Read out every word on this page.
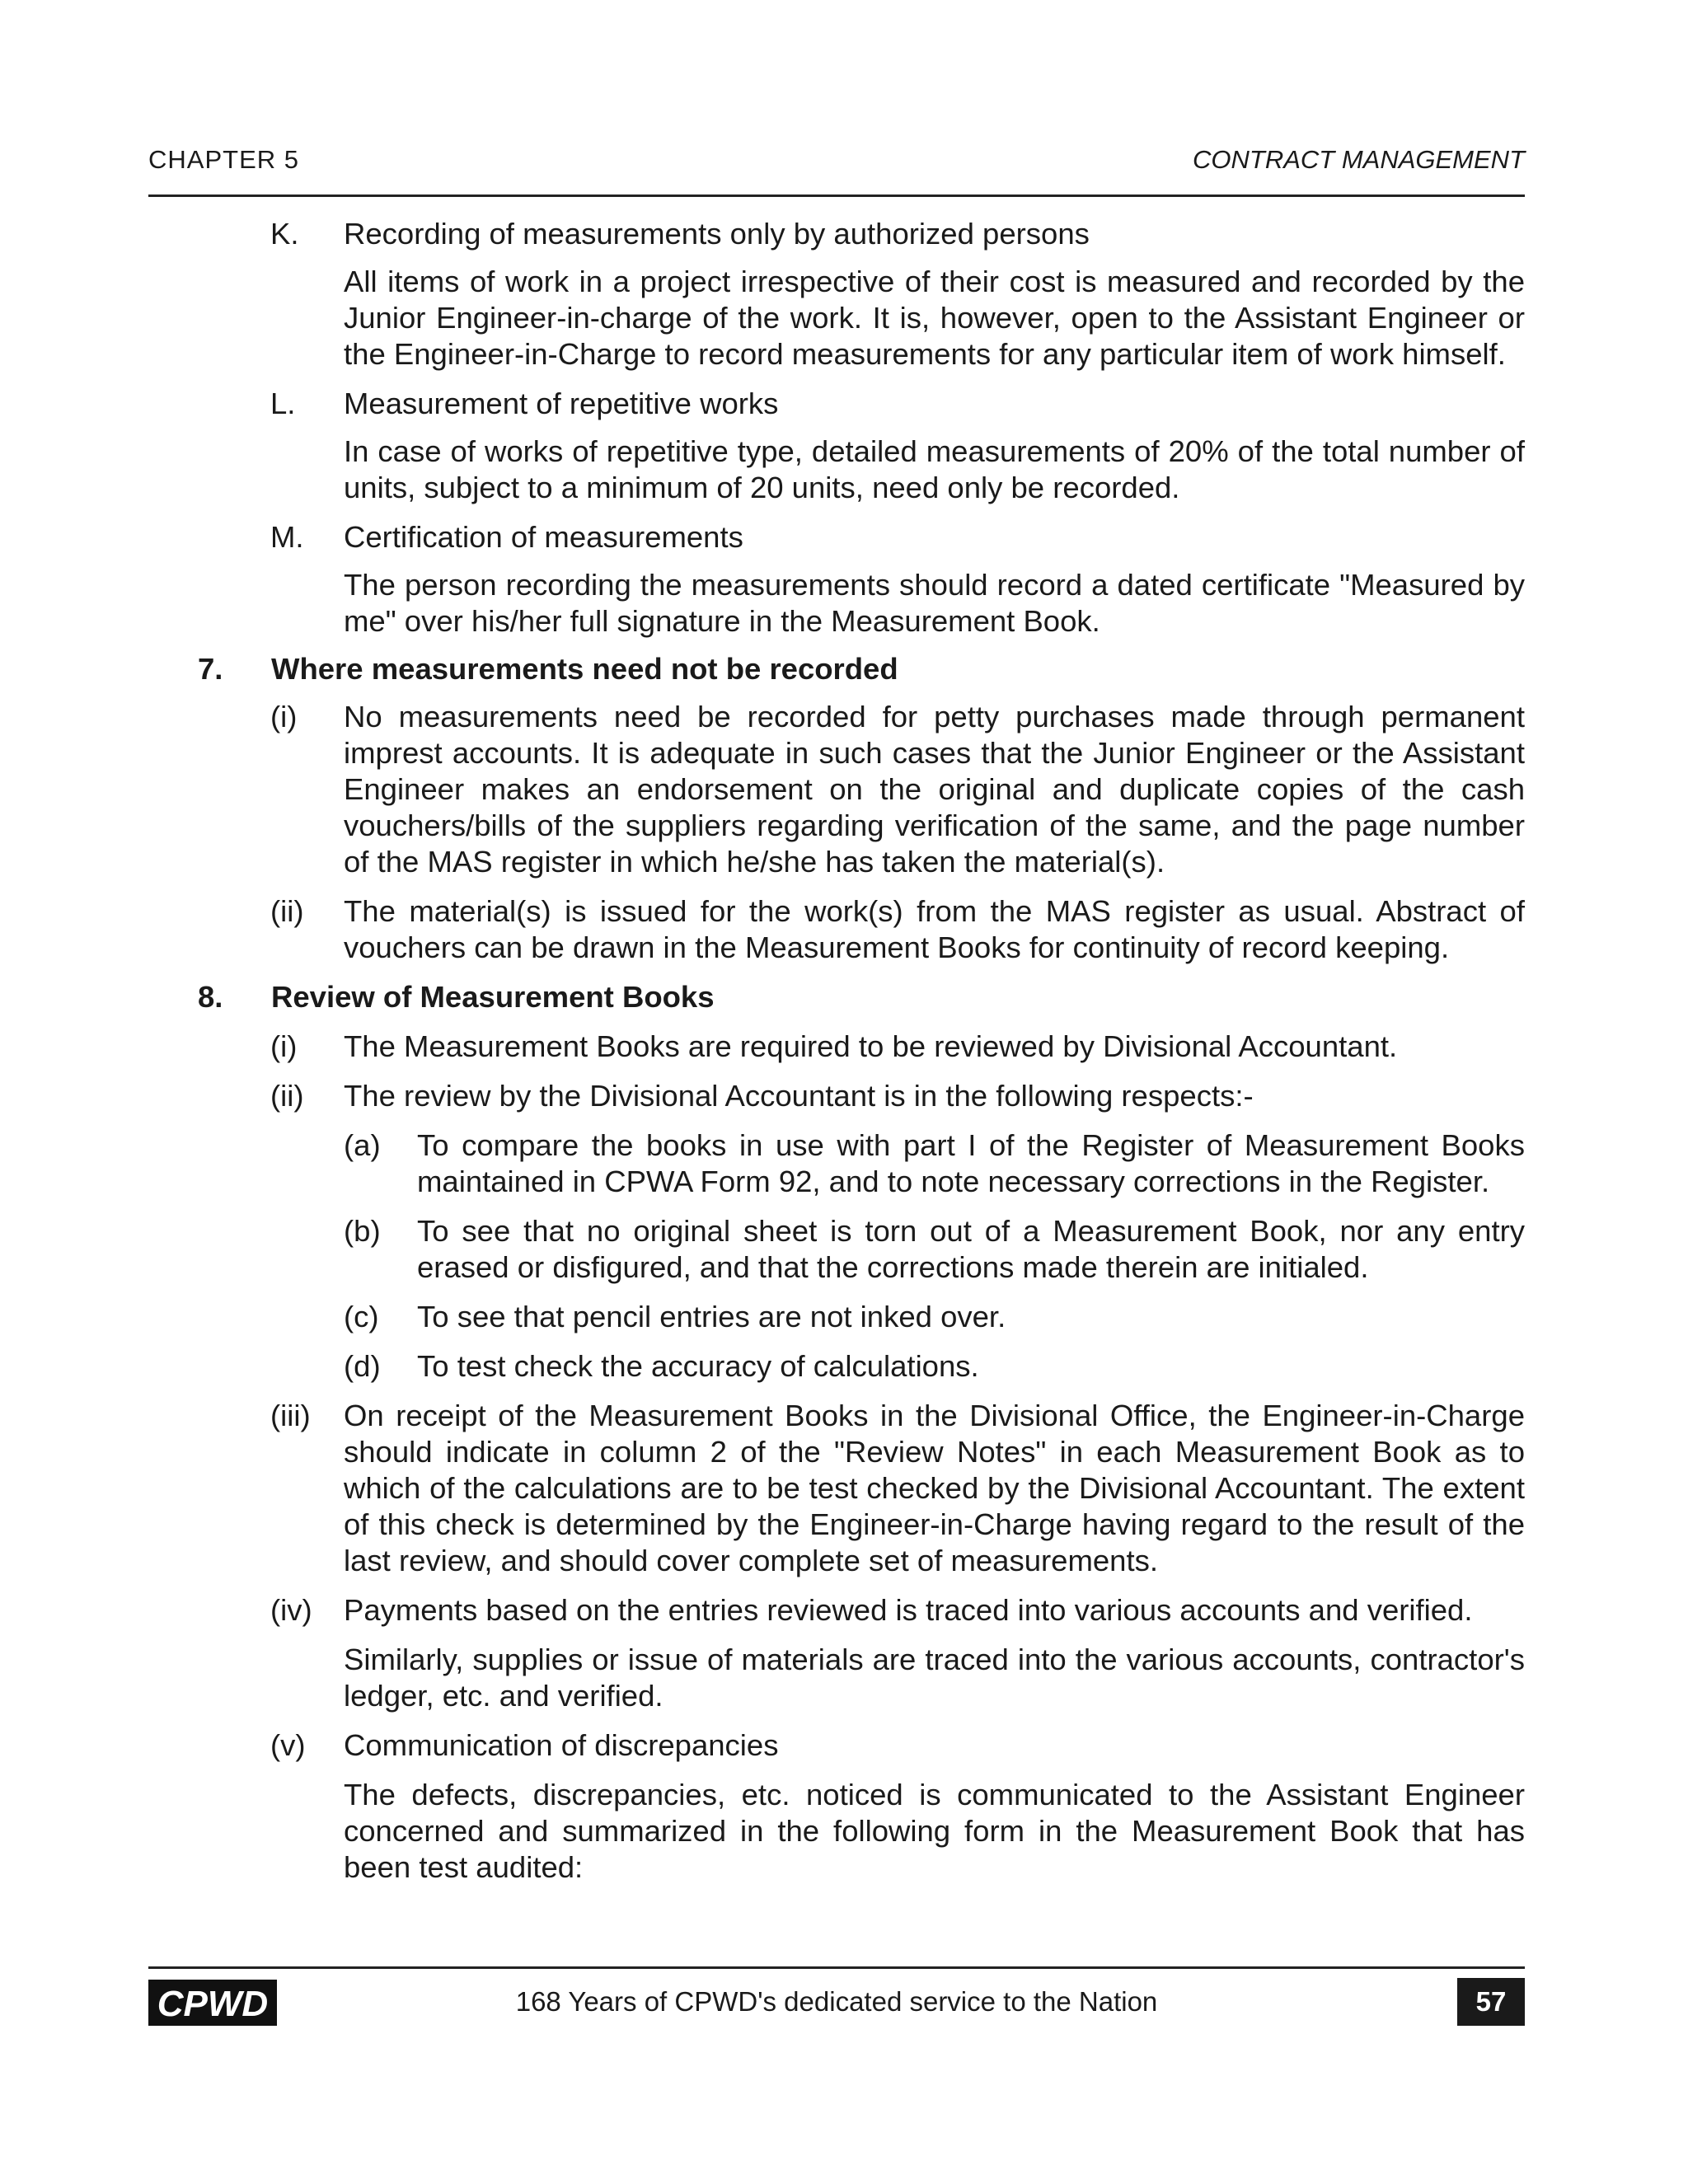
CHAPTER 5	CONTRACT MANAGEMENT
K.	Recording of measurements only by authorized persons
All items of work in a project irrespective of their cost is measured and recorded by the Junior Engineer-in-charge of the work. It is, however, open to the Assistant Engineer or the Engineer-in-Charge to record measurements for any particular item of work himself.
L.	Measurement of repetitive works
In case of works of repetitive type, detailed measurements of 20% of the total number of units, subject to a minimum of 20 units, need only be recorded.
M.	Certification of measurements
The person recording the measurements should record a dated certificate "Measured by me" over his/her full signature in the Measurement Book.
7.	Where measurements need not be recorded
(i)	No measurements need be recorded for petty purchases made through permanent imprest accounts. It is adequate in such cases that the Junior Engineer or the Assistant Engineer makes an endorsement on the original and duplicate copies of the cash vouchers/bills of the suppliers regarding verification of the same, and the page number of the MAS register in which he/she has taken the material(s).
(ii)	The material(s) is issued for the work(s) from the MAS register as usual. Abstract of vouchers can be drawn in the Measurement Books for continuity of record keeping.
8.	Review of Measurement Books
(i)	The Measurement Books are required to be reviewed by Divisional Accountant.
(ii)	The review by the Divisional Accountant is in the following respects:-
(a)	To compare the books in use with part I of the Register of Measurement Books maintained in CPWA Form 92, and to note necessary corrections in the Register.
(b)	To see that no original sheet is torn out of a Measurement Book, nor any entry erased or disfigured, and that the corrections made therein are initialed.
(c)	To see that pencil entries are not inked over.
(d)	To test check the accuracy of calculations.
(iii)	On receipt of the Measurement Books in the Divisional Office, the Engineer-in-Charge should indicate in column 2 of the "Review Notes" in each Measurement Book as to which of the calculations are to be test checked by the Divisional Accountant. The extent of this check is determined by the Engineer-in-Charge having regard to the result of the last review, and should cover complete set of measurements.
(iv)	Payments based on the entries reviewed is traced into various accounts and verified.
Similarly, supplies or issue of materials are traced into the various accounts, contractor's ledger, etc. and verified.
(v)	Communication of discrepancies
The defects, discrepancies, etc. noticed is communicated to the Assistant Engineer concerned and summarized in the following form in the Measurement Book that has been test audited:
CPWD	168 Years of CPWD's dedicated service to the Nation	57
